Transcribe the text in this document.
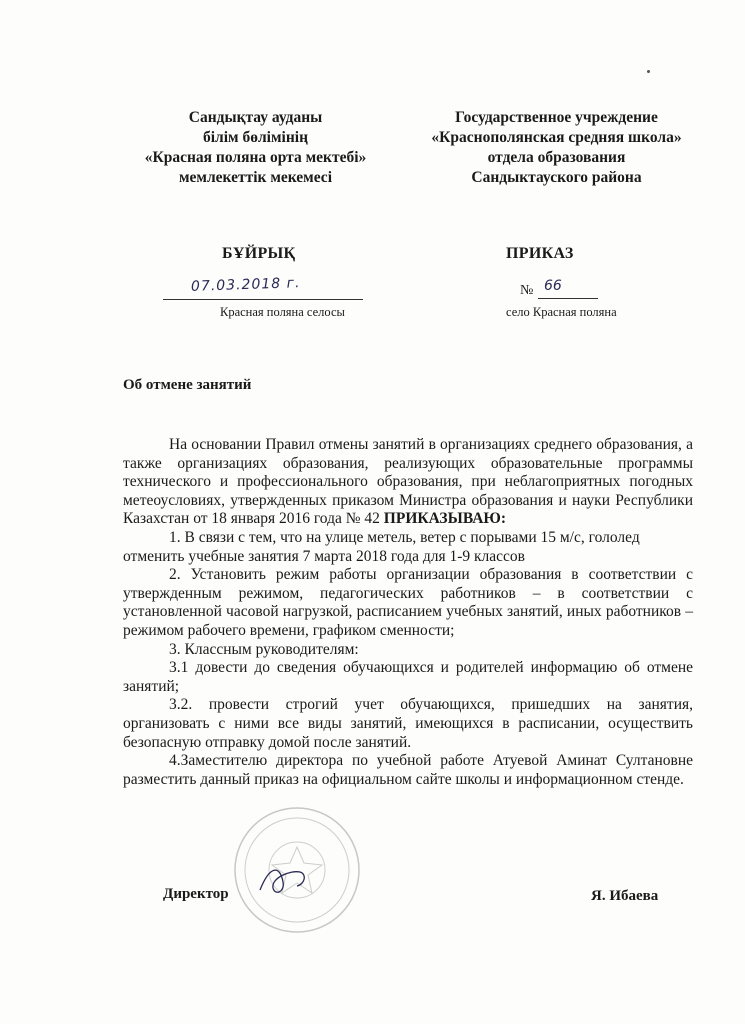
Сандықтау ауданы
білім бөлімінің
«Красная поляна орта мектебі»
мемлекеттік мекемесі
Государственное учреждение
«Краснополянская средняя школа»
отдела образования
Сандыктауского района
БҰЙРЫҚ	ПРИКАЗ
07.03.2018 г.	№ 66
Красная поляна селосы	село Красная поляна
Об отмене занятий

На основании Правил отмены занятий в организациях среднего образования, а также организациях образования, реализующих образовательные программы технического и профессионального образования, при неблагоприятных погодных метеоусловиях, утвержденных приказом Министра образования и науки Республики Казахстан от 18 января 2016 года № 42 ПРИКАЗЫВАЮ:

1. В связи с тем, что на улице метель, ветер с порывами 15 м/с, гололед

отменить учебные занятия 7 марта 2018 года для 1-9 классов

2. Установить режим работы организации образования в соответствии с утвержденным режимом, педагогических работников – в соответствии с установленной часовой нагрузкой, расписанием учебных занятий, иных работников – режимом рабочего времени, графиком сменности;

3. Классным руководителям:

3.1 довести до сведения обучающихся и родителей информацию об отмене занятий;

3.2. провести строгий учет обучающихся, пришедших на занятия, организовать с ними все виды занятий, имеющихся в расписании, осуществить безопасную отправку домой после занятий.

4.Заместителю директора по учебной работе Атуевой Аминат Султановне разместить данный приказ на официальном сайте школы и информационном стенде.

Директор	Я. Ибаева
